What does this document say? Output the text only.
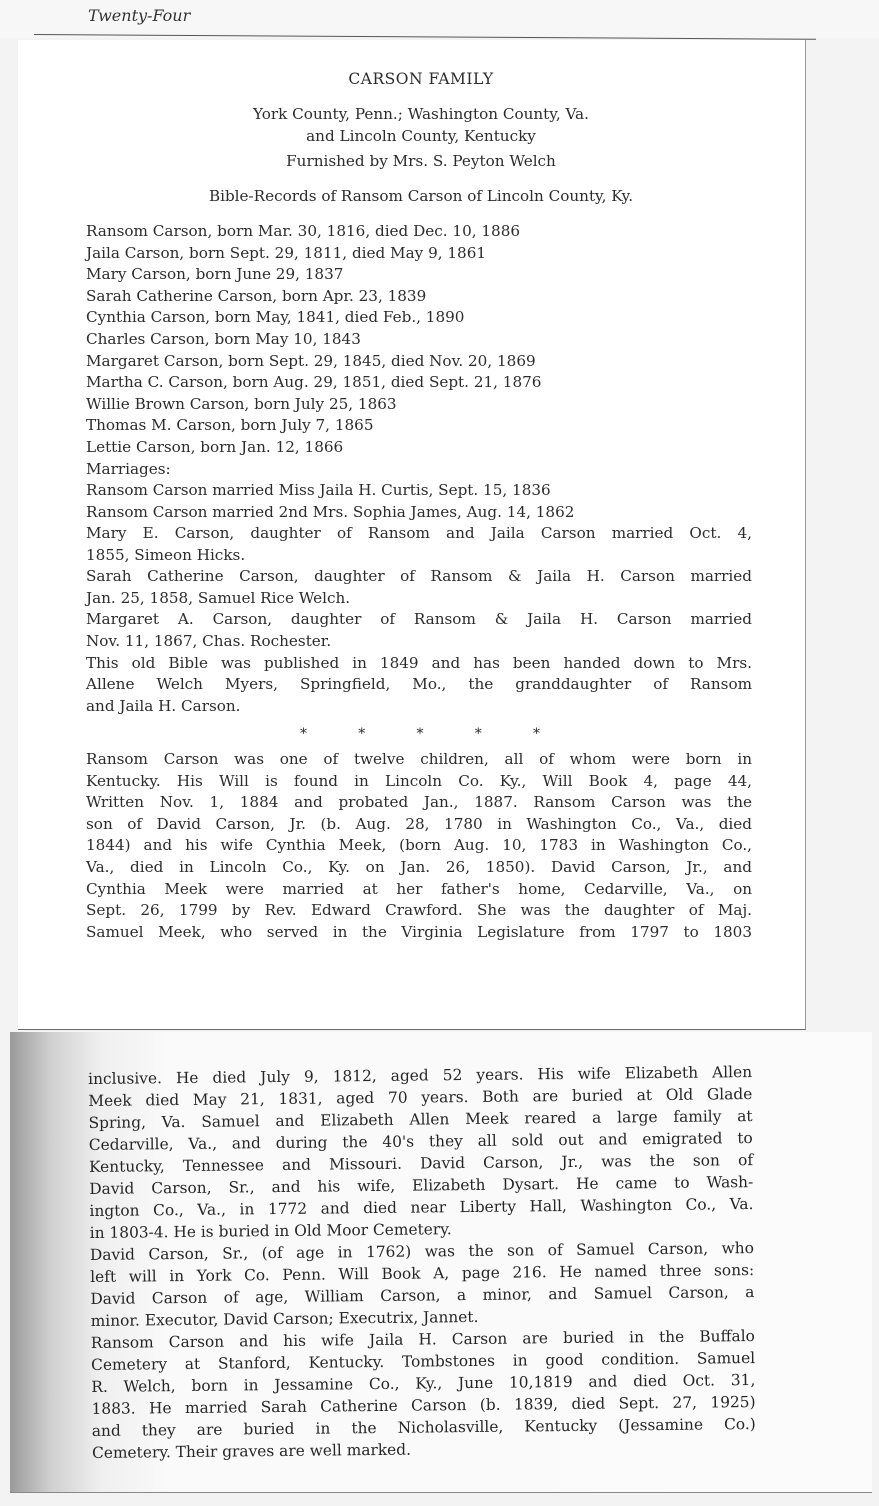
Twenty-Four
CARSON FAMILY
York County, Penn.; Washington County, Va.
and Lincoln County, Kentucky
Furnished by Mrs. S. Peyton Welch
Bible-Records of Ransom Carson of Lincoln County, Ky.
Ransom Carson, born Mar. 30, 1816, died Dec. 10, 1886
Jaila Carson, born Sept. 29, 1811, died May 9, 1861
Mary Carson, born June 29, 1837
Sarah Catherine Carson, born Apr. 23, 1839
Cynthia Carson, born May, 1841, died Feb., 1890
Charles Carson, born May 10, 1843
Margaret Carson, born Sept. 29, 1845, died Nov. 20, 1869
Martha C. Carson, born Aug. 29, 1851, died Sept. 21, 1876
Willie Brown Carson, born July 25, 1863
Thomas M. Carson, born July 7, 1865
Lettie Carson, born Jan. 12, 1866
Marriages:
Ransom Carson married Miss Jaila H. Curtis, Sept. 15, 1836
Ransom Carson married 2nd Mrs. Sophia James, Aug. 14, 1862
Mary E. Carson, daughter of Ransom and Jaila Carson married Oct. 4,
1855, Simeon Hicks.
Sarah Catherine Carson, daughter of Ransom & Jaila H. Carson married
Jan. 25, 1858, Samuel Rice Welch.
Margaret A. Carson, daughter of Ransom & Jaila H. Carson married
Nov. 11, 1867, Chas. Rochester.
This old Bible was published in 1849 and has been handed down to Mrs.
Allene Welch Myers, Springfield, Mo., the granddaughter of Ransom
and Jaila H. Carson.
*	*	*	*	*
Ransom Carson was one of twelve children, all of whom were born in
Kentucky. His Will is found in Lincoln Co. Ky., Will Book 4, page 44,
Written Nov. 1, 1884 and probated Jan., 1887. Ransom Carson was the
son of David Carson, Jr. (b. Aug. 28, 1780 in Washington Co., Va., died
1844) and his wife Cynthia Meek, (born Aug. 10, 1783 in Washington Co.,
Va., died in Lincoln Co., Ky. on Jan. 26, 1850). David Carson, Jr., and
Cynthia Meek were married at her father's home, Cedarville, Va., on
Sept. 26, 1799 by Rev. Edward Crawford. She was the daughter of Maj.
Samuel Meek, who served in the Virginia Legislature from 1797 to 1803
inclusive. He died July 9, 1812, aged 52 years. His wife Elizabeth Allen
Meek died May 21, 1831, aged 70 years. Both are buried at Old Glade
Spring, Va. Samuel and Elizabeth Allen Meek reared a large family at
Cedarville, Va., and during the 40's they all sold out and emigrated to
Kentucky, Tennessee and Missouri. David Carson, Jr., was the son of
David Carson, Sr., and his wife, Elizabeth Dysart. He came to Wash-
ington Co., Va., in 1772 and died near Liberty Hall, Washington Co., Va.
in 1803-4. He is buried in Old Moor Cemetery.
David Carson, Sr., (of age in 1762) was the son of Samuel Carson, who
left will in York Co. Penn. Will Book A, page 216. He named three sons:
David Carson of age, William Carson, a minor, and Samuel Carson, a
minor. Executor, David Carson; Executrix, Jannet.
Ransom Carson and his wife Jaila H. Carson are buried in the Buffalo
Cemetery at Stanford, Kentucky. Tombstones in good condition. Samuel
R. Welch, born in Jessamine Co., Ky., June 10,1819 and died Oct. 31,
1883. He married Sarah Catherine Carson (b. 1839, died Sept. 27, 1925)
and they are buried in the Nicholasville, Kentucky (Jessamine Co.)
Cemetery. Their graves are well marked.
